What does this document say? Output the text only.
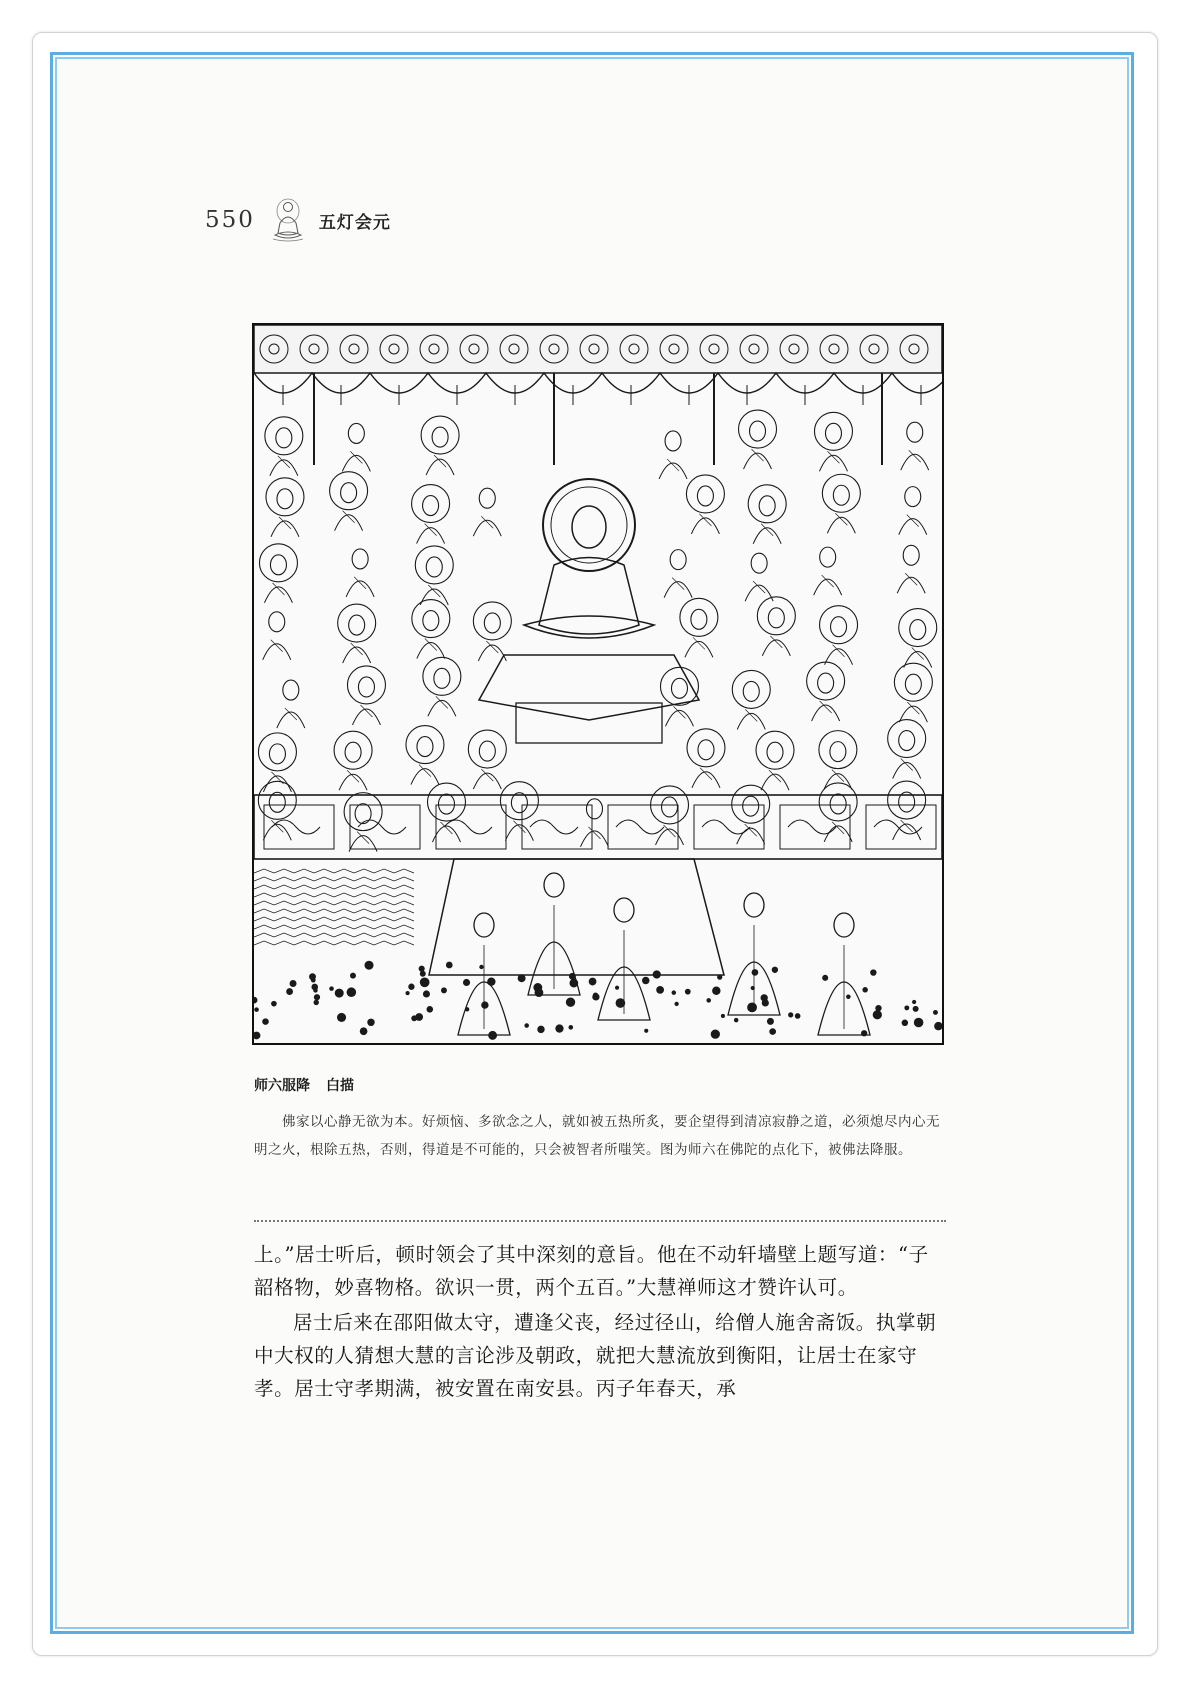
550	五灯会元
师六服降 白描

佛家以心静无欲为本。好烦恼、多欲念之人，就如被五热所炙，要企望得到清凉寂静之道，必须熄尽内心无明之火，根除五热，否则，得道是不可能的，只会被智者所嗤笑。图为师六在佛陀的点化下，被佛法降服。

上。”居士听后，顿时领会了其中深刻的意旨。他在不动轩墙壁上题写道：“子韶格物，妙喜物格。欲识一贯，两个五百。”大慧禅师这才赞许认可。

居士后来在邵阳做太守，遭逢父丧，经过径山，给僧人施舍斋饭。执掌朝中大权的人猜想大慧的言论涉及朝政，就把大慧流放到衡阳，让居士在家守孝。居士守孝期满，被安置在南安县。丙子年春天，承
